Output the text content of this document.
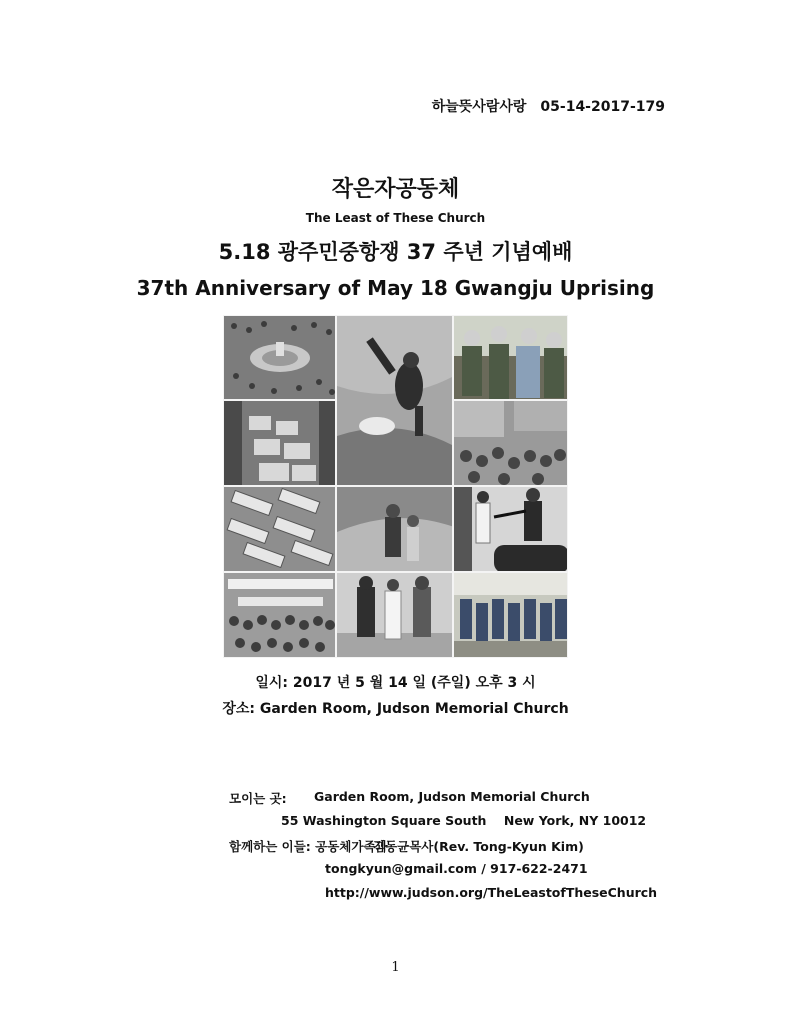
하늘뜻사람사랑 05-14-2017-179
작은자공동체
The Least of These Church
5.18 광주민중항쟁 37 주년 기념예배
37th Anniversary of May 18 Gwangju Uprising
일시: 2017 년 5 월 14 일 (주일) 오후 3 시
장소: Garden Room, Judson Memorial Church
모이는 곳: Garden Room, Judson Memorial Church
55 Washington Square South    New York, NY 10012
함께하는 이들: 공동체가족과
김동균목사(Rev. Tong-Kyun Kim)
tongkyun@gmail.com / 917-622-2471
http://www.judson.org/TheLeastofTheseChurch
1
